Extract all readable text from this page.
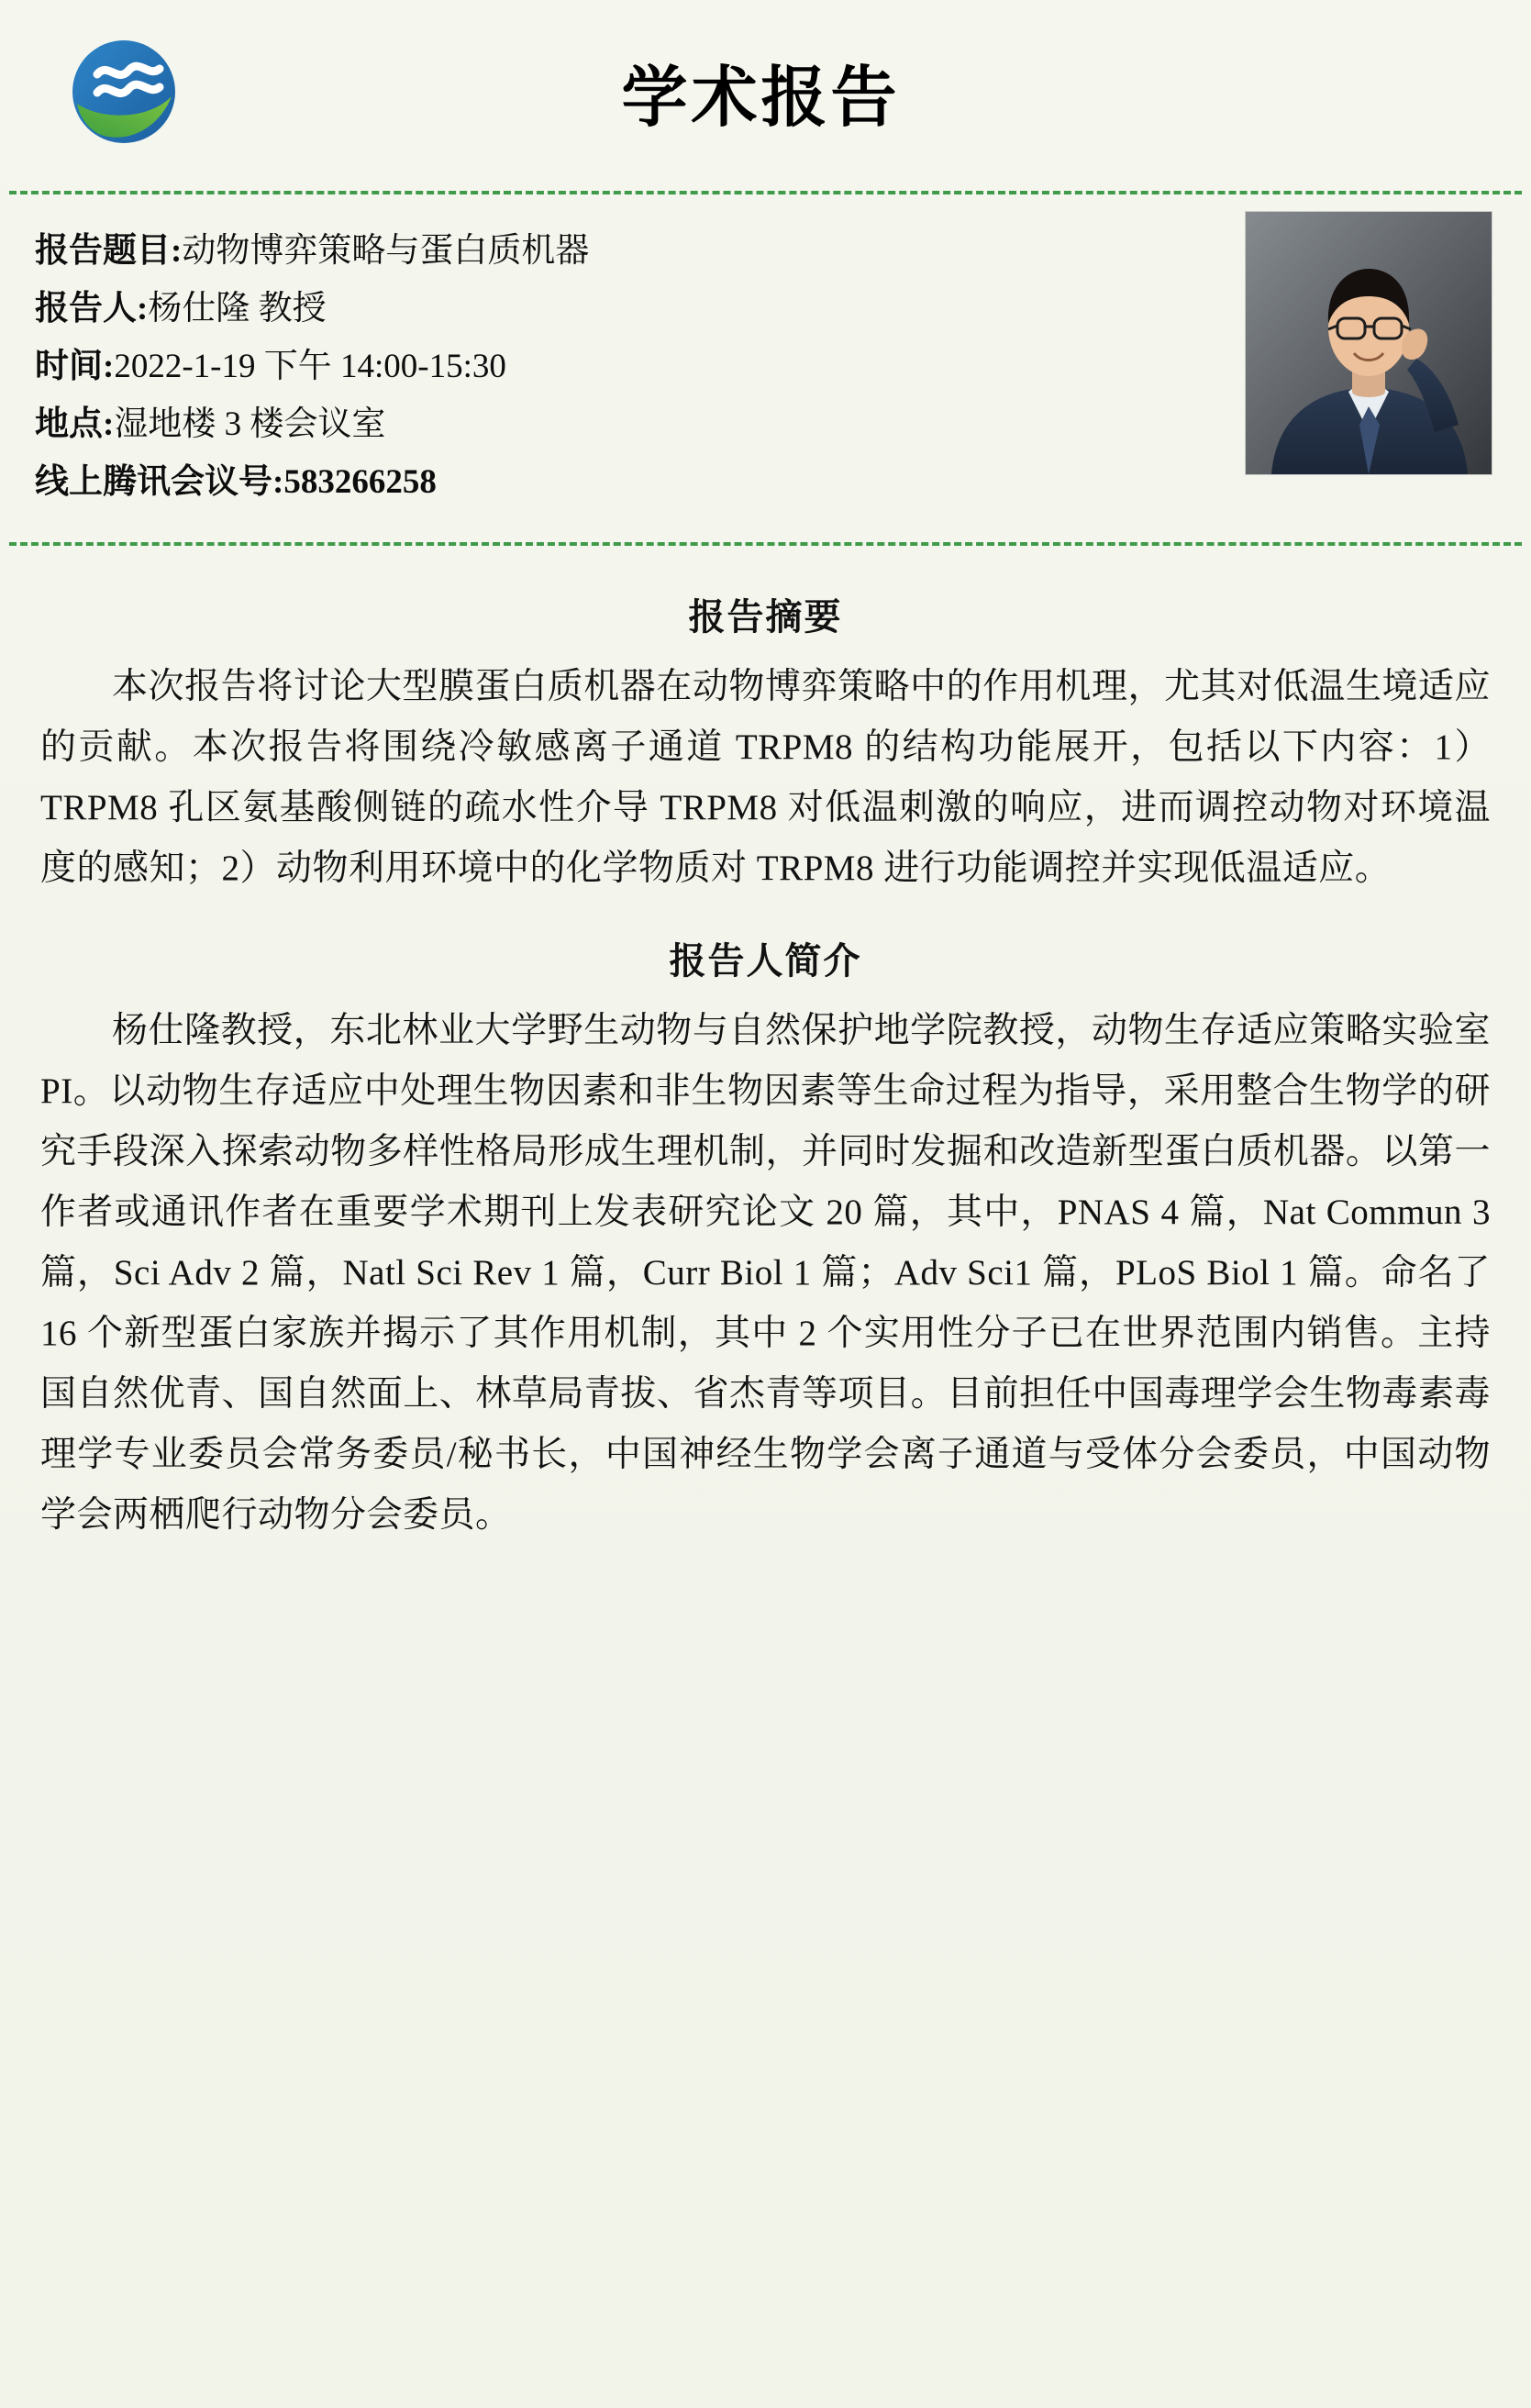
学术报告
报告题目:动物博弈策略与蛋白质机器
报告人:杨仕隆 教授
时间:2022-1-19 下午 14:00-15:30
地点:湿地楼 3 楼会议室
线上腾讯会议号:583266258
报告摘要

本次报告将讨论大型膜蛋白质机器在动物博弈策略中的作用机理，尤其对低温生境适应的贡献。本次报告将围绕冷敏感离子通道 TRPM8 的结构功能展开，包括以下内容：1）TRPM8 孔区氨基酸侧链的疏水性介导 TRPM8 对低温刺激的响应，进而调控动物对环境温度的感知；2）动物利用环境中的化学物质对 TRPM8 进行功能调控并实现低温适应。

报告人简介

杨仕隆教授，东北林业大学野生动物与自然保护地学院教授，动物生存适应策略实验室 PI。以动物生存适应中处理生物因素和非生物因素等生命过程为指导，采用整合生物学的研究手段深入探索动物多样性格局形成生理机制，并同时发掘和改造新型蛋白质机器。以第一作者或通讯作者在重要学术期刊上发表研究论文 20 篇，其中，PNAS 4 篇，Nat Commun 3 篇，Sci Adv 2 篇，Natl Sci Rev 1 篇，Curr Biol 1 篇；Adv Sci1 篇，PLoS Biol 1 篇。命名了 16 个新型蛋白家族并揭示了其作用机制，其中 2 个实用性分子已在世界范围内销售。主持国自然优青、国自然面上、林草局青拔、省杰青等项目。目前担任中国毒理学会生物毒素毒理学专业委员会常务委员/秘书长，中国神经生物学会离子通道与受体分会委员，中国动物学会两栖爬行动物分会委员。
